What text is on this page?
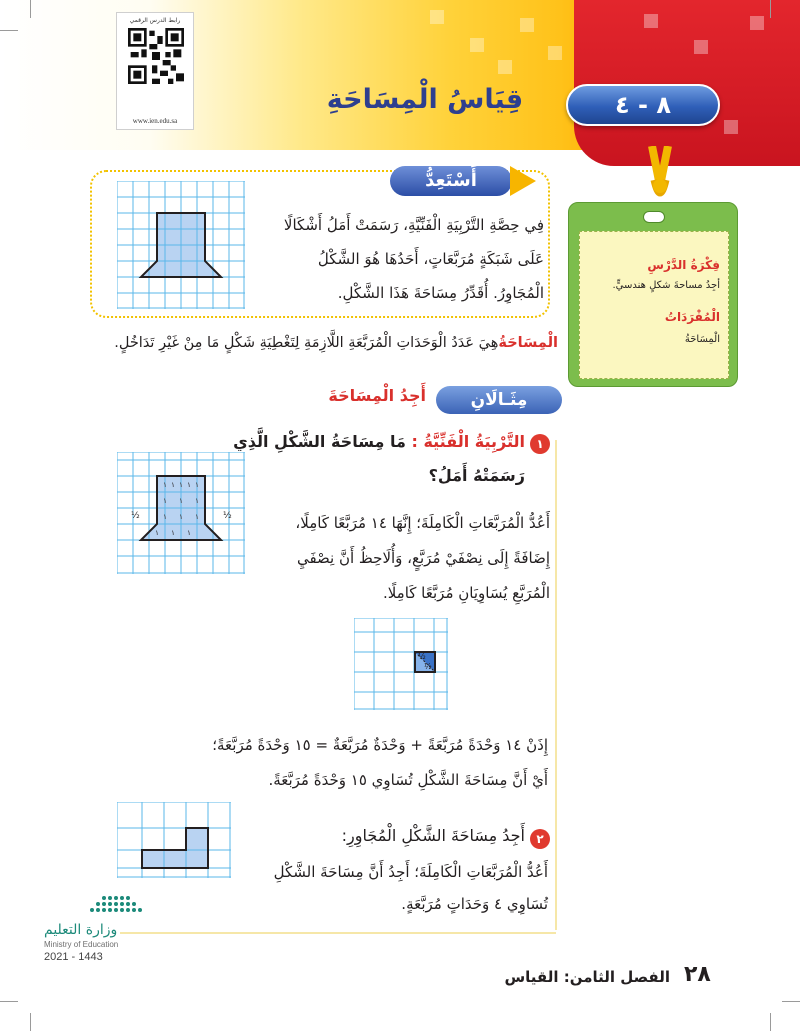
رابط الدرس الرقمي
www.ien.edu.sa
٨ - ٤
قِيَاسُ الْمِسَاحَةِ
فِكْرَةُ الدَّرْسِ
أجِدُ مساحةَ شكلٍ هندسيٍّ.
الْمُفْرَدَاتُ
الْمِسَاحَةُ
أَسْتَعِدُّ
فِي حِصَّةِ التَّرْبِيَةِ الْفَنِّيَّةِ، رَسَمَتْ أَمَلُ أَشْكَالًا
عَلَى شَبَكَةٍ مُرَبَّعَاتٍ، أَحَدُهَا هُوَ الشَّكْلُ
الْمُجَاوِرُ. أُقَدِّرُ مِسَاحَةَ هَذَا الشَّكْلِ.
الْمِسَاحَةُهِيَ عَدَدُ الْوَحَدَاتِ الْمُرَبَّعَةِ اللَّازِمَةِ لِتَغْطِيَةِ شَكْلٍ مَا مِنْ غَيْرِ تَدَاخُلٍ.
مِثَـالَانِ
أَجِدُ الْمِسَاحَةَ
١
التَّرْبِيَةُ الْفَنِّيَّةُ : مَا مِسَاحَةُ الشَّكْلِ الَّذِي
رَسَمَتْهُ أَمَلُ؟
١ ١ ١ ١ ١
١ ١ ١
١ ١ ١
١ ١ ١
½	½	أَعُدُّ الْمُرَبَّعَاتِ الْكَامِلَةَ؛ إِنَّهَا ١٤ مُرَبَّعًا كَامِلًا،
إِضَافَةً إِلَى نِصْفَيْ مُرَبَّعٍ، وَأُلَاحِظُ أَنَّ نِصْفَيِ
الْمُرَبَّعِ يُسَاوِيَانِ مُرَبَّعًا كَامِلًا.
½
½
إِذَنْ ١٤ وَحْدَةً مُرَبَّعَةً + وَحْدَةٌ مُرَبَّعَةٌ = ١٥ وَحْدَةً مُرَبَّعَةً؛
أَيْ أَنَّ مِسَاحَةَ الشَّكْلِ تُسَاوِي ١٥ وَحْدَةً مُرَبَّعَةً.
٢
أَجِدُ مِسَاحَةَ الشَّكْلِ الْمُجَاوِرِ:
أَعُدُّ الْمُرَبَّعَاتِ الْكَامِلَةَ؛ أَجِدُ أَنَّ مِسَاحَةَ الشَّكْلِ
تُسَاوِي ٤ وَحَدَاتٍ مُرَبَّعَةٍ.
وزارة التعليم
Ministry of Education
2021 - 1443
الفصل الثامن: القياس ٢٨
